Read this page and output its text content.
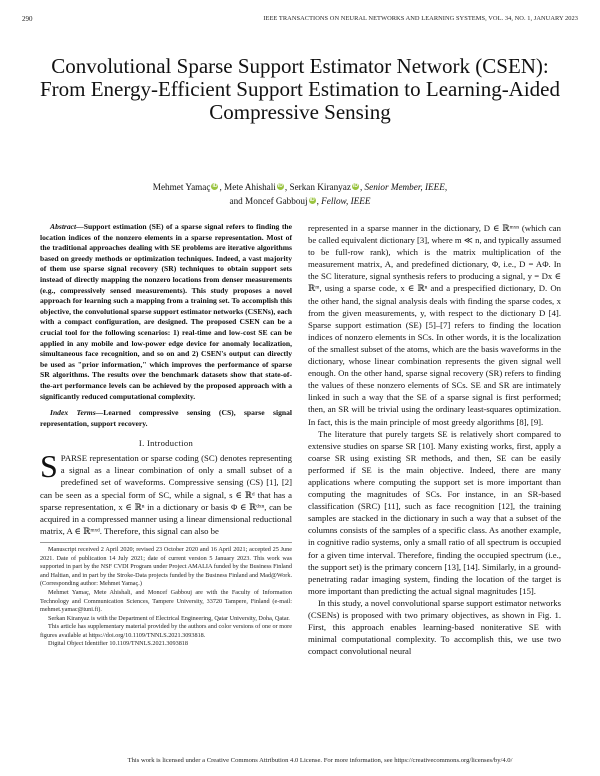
290	IEEE TRANSACTIONS ON NEURAL NETWORKS AND LEARNING SYSTEMS, VOL. 34, NO. 1, JANUARY 2023
Convolutional Sparse Support Estimator Network (CSEN): From Energy-Efficient Support Estimation to Learning-Aided Compressive Sensing
Mehmet Yamaç iD , Mete Ahishali iD , Serkan Kiranyaz iD , Senior Member, IEEE,
and Moncef Gabbouj iD , Fellow, IEEE

Abstract—Support estimation (SE) of a sparse signal refers to finding the location indices of the nonzero elements in a sparse representation. Most of the traditional approaches dealing with SE problems are iterative algorithms based on greedy methods or optimization techniques. Indeed, a vast majority of them use sparse signal recovery (SR) techniques to obtain support sets instead of directly mapping the nonzero locations from denser measurements (e.g., compressively sensed measurements). This study proposes a novel approach for learning such a mapping from a training set. To accomplish this objective, the convolutional sparse support estimator networks (CSENs), each with a compact configuration, are designed. The proposed CSEN can be a crucial tool for the following scenarios: 1) real-time and low-cost SE can be applied in any mobile and low-power edge device for anomaly localization, simultaneous face recognition, and so on and 2) CSEN's output can directly be used as "prior information," which improves the performance of sparse SR algorithms. The results over the benchmark datasets show that state-of-the-art performance levels can be achieved by the proposed approach with a significantly reduced computational complexity.

Index Terms—Learned compressive sensing (CS), sparse signal representation, support recovery.

I. Introduction

SPARSE representation or sparse coding (SC) denotes representing a signal as a linear combination of only a small subset of a predefined set of waveforms. Compressive sensing (CS) [1], [2] can be seen as a special form of SC, while a signal, s ∈ ℝᵈ that has a sparse representation, x ∈ ℝⁿ in a dictionary or basis Φ ∈ ℝᵈˣⁿ, can be acquired in a compressed manner using a linear dimensional reductional matrix, A ∈ ℝᵐˣᵈ. Therefore, this signal can also be

Manuscript received 2 April 2020; revised 23 October 2020 and 16 April 2021; accepted 25 June 2021. Date of publication 14 July 2021; date of current version 5 January 2023. This work was supported in part by the NSF CVDI Program under Project AMALIA funded by the Business Finland and Haltian, and in part by the Stroke-Data projects funded by the Business Finland and Mad@Work. (Corresponding author: Mehmet Yamaç.)

Mehmet Yamaç, Mete Ahishali, and Moncef Gabbouj are with the Faculty of Information Technology and Communication Sciences, Tampere University, 33720 Tampere, Finland (e-mail: mehmet.yamac@tuni.fi).

Serkan Kiranyaz is with the Department of Electrical Engineering, Qatar University, Doha, Qatar.

This article has supplementary material provided by the authors and color versions of one or more figures available at https://doi.org/10.1109/TNNLS.2021.3093818.

Digital Object Identifier 10.1109/TNNLS.2021.3093818

represented in a sparse manner in the dictionary, D ∈ ℝᵐˣⁿ (which can be called equivalent dictionary [3], where m ≪ n, and typically assumed to be full-row rank), which is the matrix multiplication of the measurement matrix, A, and predefined dictionary, Φ, i.e., D = AΦ. In the SC literature, signal synthesis refers to producing a signal, y = Dx ∈ ℝᵐ, using a sparse code, x ∈ ℝⁿ and a prespecified dictionary, D. On the other hand, the signal analysis deals with finding the sparse codes, x from the given measurements, y, with respect to the dictionary D [4]. Sparse support estimation (SE) [5]–[7] refers to finding the location indices of nonzero elements in SCs. In other words, it is the localization of the smallest subset of the atoms, which are the basis waveforms in the dictionary, whose linear combination represents the given signal well enough. On the other hand, sparse signal recovery (SR) refers to finding the values of these nonzero elements of SCs. SE and SR are intimately linked in such a way that the SE of a sparse signal is first performed; then, an SR will be trivial using the ordinary least-squares optimization. In fact, this is the main principle of most greedy algorithms [8], [9].

The literature that purely targets SE is relatively short compared to extensive studies on sparse SR [10]. Many existing works, first, apply a coarse SR using existing SR methods, and then, SE can be easily performed if SE is the main objective. Indeed, there are many applications where computing the support set is more important than computing the magnitudes of SCs. For instance, in an SR-based classification (SRC) [11], such as face recognition [12], the training samples are stacked in the dictionary in such a way that a subset of the columns consists of the samples of a specific class. As another example, in cognitive radio systems, only a small ratio of all spectrum is occupied for a given time interval. Therefore, finding the occupied spectrum (i.e., the support set) is the primary concern [13], [14]. Similarly, in a ground-penetrating radar imaging system, finding the location of the target is more important than predicting the actual signal magnitudes [15].

In this study, a novel convolutional sparse support estimator networks (CSENs) is proposed with two primary objectives, as shown in Fig. 1. First, this approach enables learning-based noniterative SE with minimal computational complexity. To accomplish this, we use two compact convolutional neural

This work is licensed under a Creative Commons Attribution 4.0 License. For more information, see https://creativecommons.org/licenses/by/4.0/
